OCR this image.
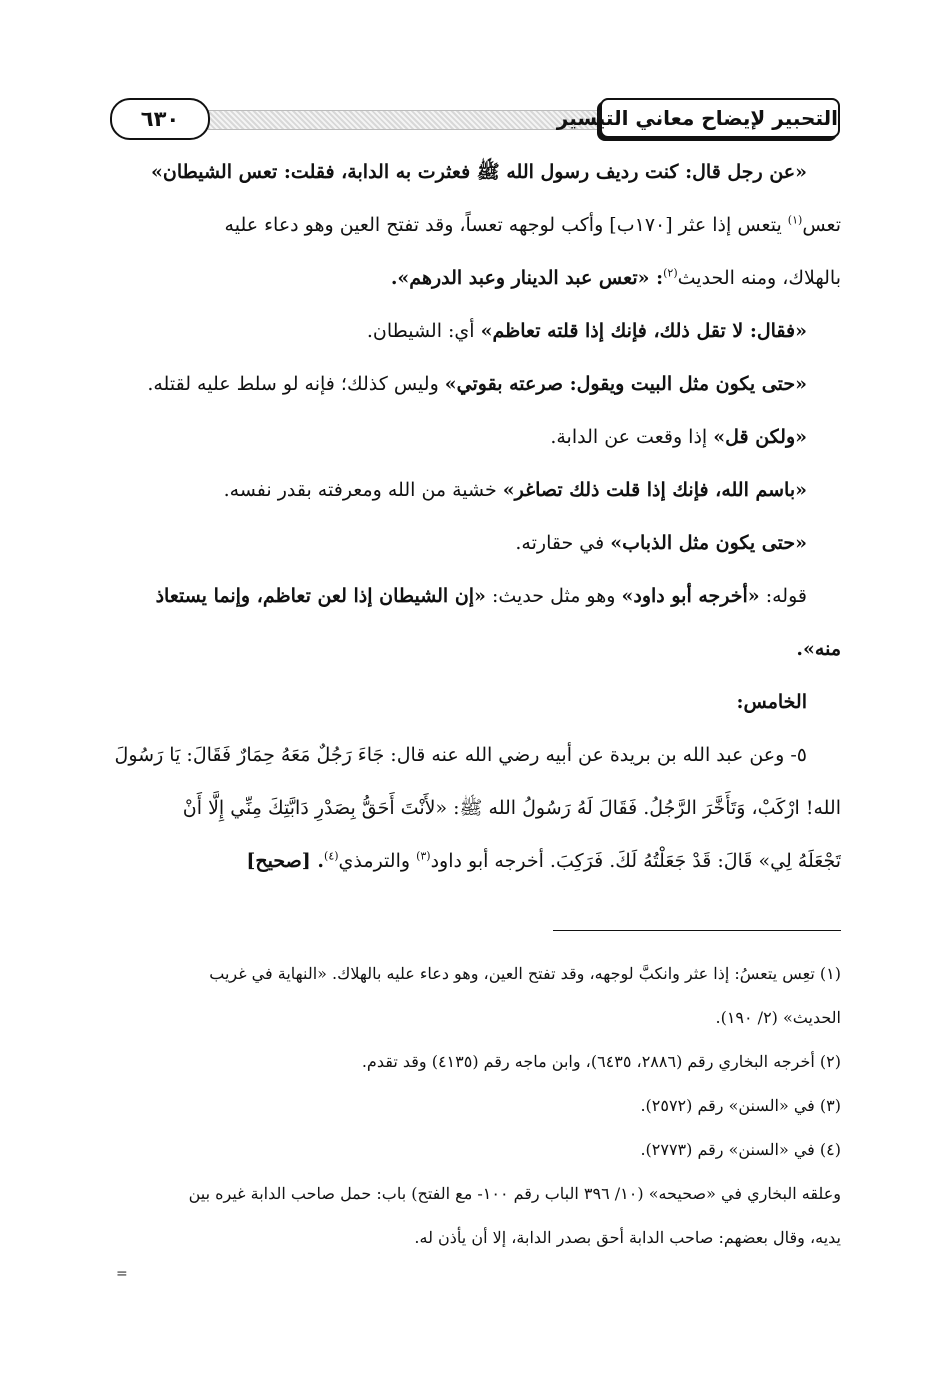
التحبير لإيضاح معاني التيسير
٦٣٠
«عن رجل قال: كنت رديف رسول الله ﷺ فعثرت به الدابة، فقلت: تعس الشيطان»
تعس$^{(١)}$ يتعس إذا عثر [١٧٠ب] وأكب لوجهه تعساً، وقد تفتح العين وهو دعاء عليه
بالهلاك، ومنه الحديث$^{(٢)}$: «تعس عبد الدينار وعبد الدرهم».
«فقال: لا تقل ذلك، فإنك إذا قلته تعاظم» أي: الشيطان.
«حتى يكون مثل البيت ويقول: صرعته بقوتي» وليس كذلك؛ فإنه لو سلط عليه لقتله.
«ولكن قل» إذا وقعت عن الدابة.
«باسم الله، فإنك إذا قلت ذلك تصاغر» خشية من الله ومعرفته بقدر نفسه.
«حتى يكون مثل الذباب» في حقارته.
قوله: «أخرجه أبو داود» وهو مثل حديث: «إن الشيطان إذا لعن تعاظم، وإنما يستعاذ
منه».
الخامس:
٥- وعن عبد الله بن بريدة عن أبيه رضي الله عنه قال: جَاءَ رَجُلٌ مَعَهُ حِمَارٌ فَقَالَ: يَا رَسُولَ
الله! ارْكَبْ، وَتَأَخَّرَ الرَّجُلُ. فَقَالَ لَهُ رَسُولُ الله ﷺ: «لأَنْتَ أَحَقُّ بِصَدْرِ دَابَّتِكَ مِنِّي إِلَّا أَنْ
تَجْعَلَهُ لِي» قَالَ: قَدْ جَعَلْتُهُ لَكَ. فَرَكِبَ. أخرجه أبو داود$^{(٣)}$ والترمذي$^{(٤)}$. [صحيح]
(١) تعِس يتعسُ: إذا عثر وانكبَّ لوجهه، وقد تفتح العين، وهو دعاء عليه بالهلاك. «النهاية في غريب
الحديث» (٢/ ١٩٠).
(٢) أخرجه البخاري رقم (٢٨٨٦، ٦٤٣٥)، وابن ماجه رقم (٤١٣٥) وقد تقدم.
(٣) في «السنن» رقم (٢٥٧٢).
(٤) في «السنن» رقم (٢٧٧٣).
وعلقه البخاري في «صحيحه» (١٠/ ٣٩٦ الباب رقم ١٠٠- مع الفتح) باب: حمل صاحب الدابة غيره بين
يديه، وقال بعضهم: صاحب الدابة أحق بصدر الدابة، إلا أن يأذن له.
=
